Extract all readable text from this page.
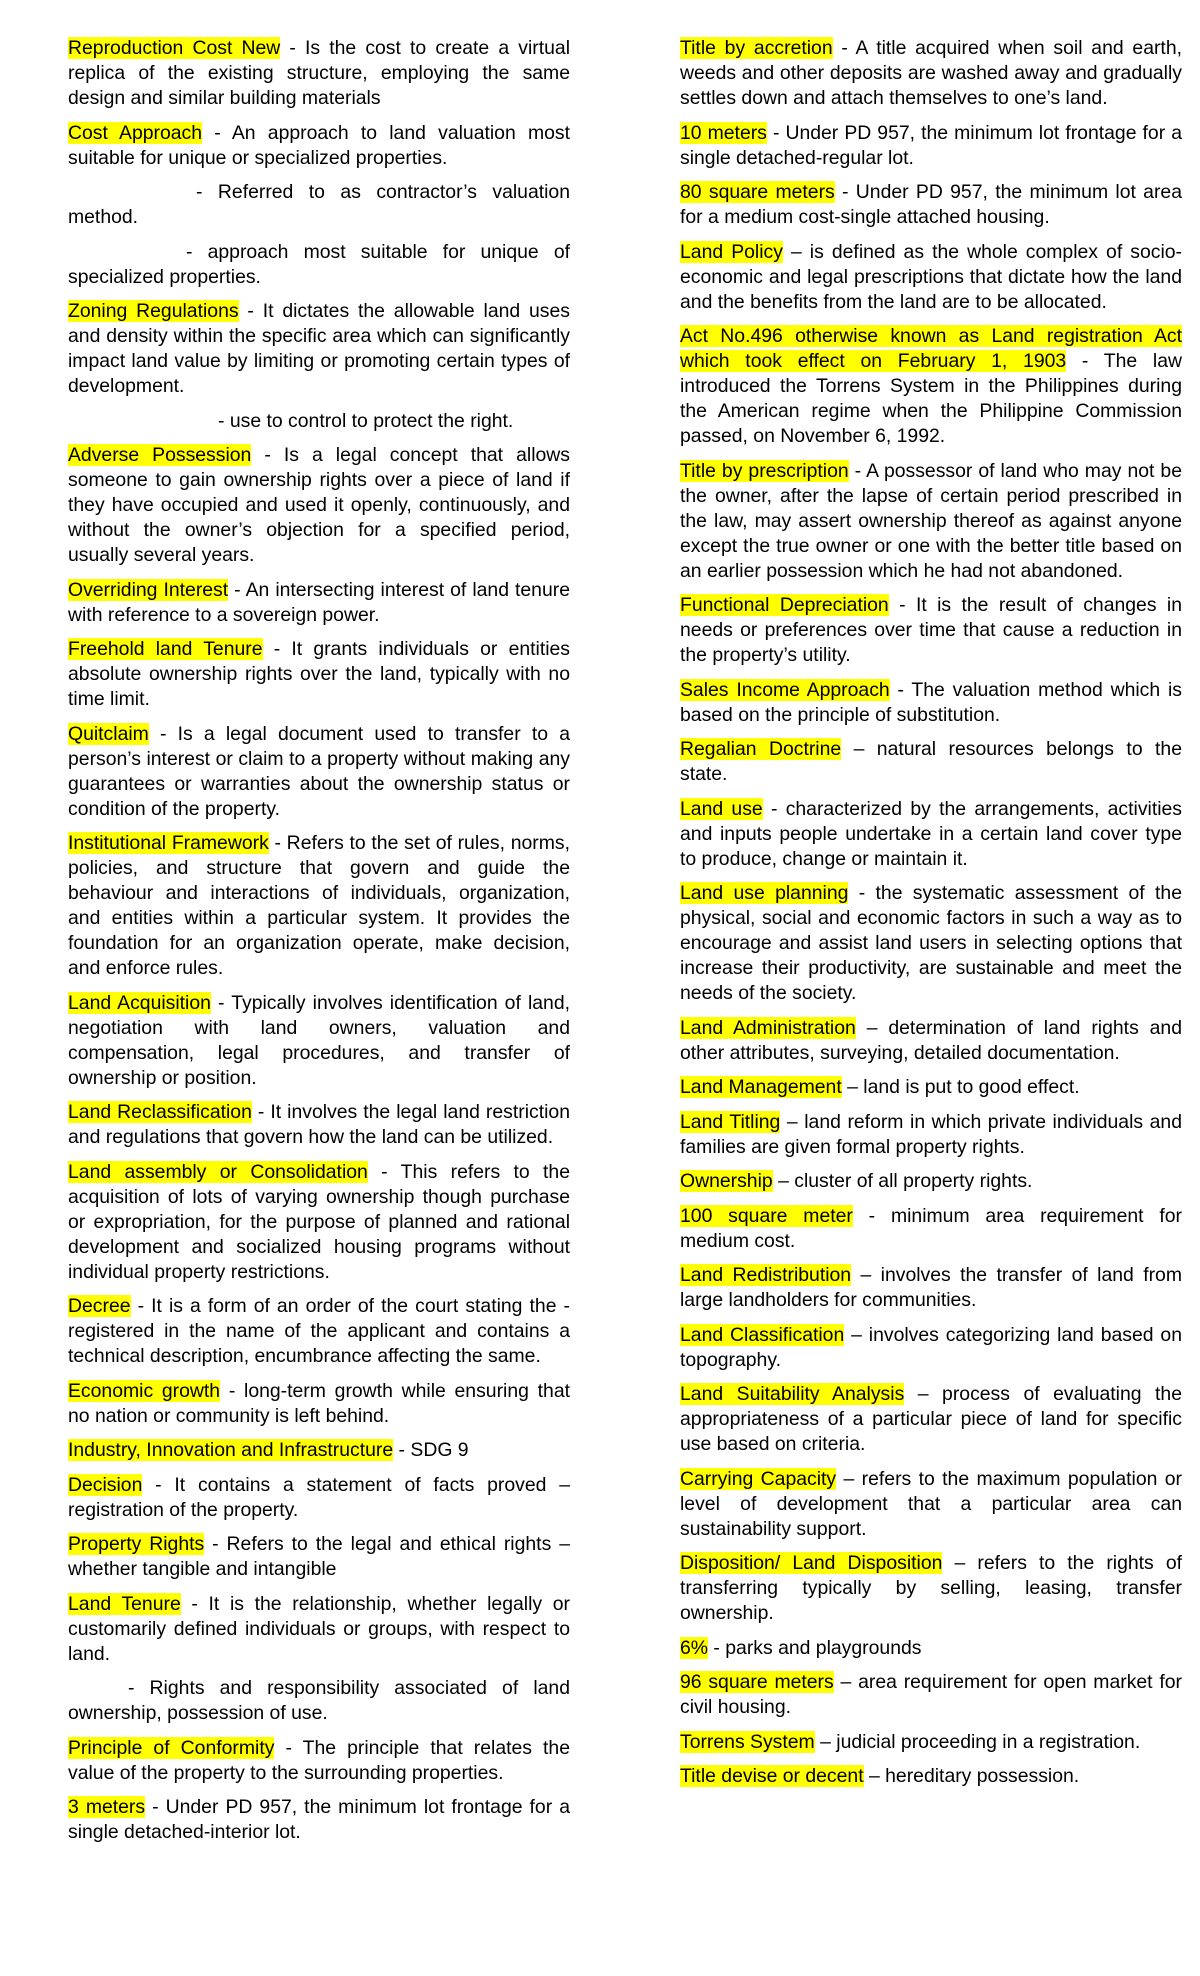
Reproduction Cost New - Is the cost to create a virtual replica of the existing structure, employing the same design and similar building materials

Cost Approach - An approach to land valuation most suitable for unique or specialized properties.

- Referred to as contractor’s valuation method.

- approach most suitable for unique of specialized properties.

Zoning Regulations - It dictates the allowable land uses and density within the specific area which can significantly impact land value by limiting or promoting certain types of development.

- use to control to protect the right.

Adverse Possession - Is a legal concept that allows someone to gain ownership rights over a piece of land if they have occupied and used it openly, continuously, and without the owner’s objection for a specified period, usually several years.

Overriding Interest - An intersecting interest of land tenure with reference to a sovereign power.

Freehold land Tenure - It grants individuals or entities absolute ownership rights over the land, typically with no time limit.

Quitclaim - Is a legal document used to transfer to a person’s interest or claim to a property without making any guarantees or warranties about the ownership status or condition of the property.

Institutional Framework - Refers to the set of rules, norms, policies, and structure that govern and guide the behaviour and interactions of individuals, organization, and entities within a particular system. It provides the foundation for an organization operate, make decision, and enforce rules.

Land Acquisition - Typically involves identification of land, negotiation with land owners, valuation and compensation, legal procedures, and transfer of ownership or position.

Land Reclassification - It involves the legal land restriction and regulations that govern how the land can be utilized.

Land assembly or Consolidation - This refers to the acquisition of lots of varying ownership though purchase or expropriation, for the purpose of planned and rational development and socialized housing programs without individual property restrictions.

Decree - It is a form of an order of the court stating the - registered in the name of the applicant and contains a technical description, encumbrance affecting the same.

Economic growth - long-term growth while ensuring that no nation or community is left behind.

Industry, Innovation and Infrastructure - SDG 9

Decision - It contains a statement of facts proved – registration of the property.

Property Rights - Refers to the legal and ethical rights – whether tangible and intangible

Land Tenure - It is the relationship, whether legally or customarily defined individuals or groups, with respect to land.

- Rights and responsibility associated of land ownership, possession of use.

Principle of Conformity - The principle that relates the value of the property to the surrounding properties.

3 meters - Under PD 957, the minimum lot frontage for a single detached-interior lot.

Title by accretion - A title acquired when soil and earth, weeds and other deposits are washed away and gradually settles down and attach themselves to one’s land.

10 meters - Under PD 957, the minimum lot frontage for a single detached-regular lot.

80 square meters - Under PD 957, the minimum lot area for a medium cost-single attached housing.

Land Policy – is defined as the whole complex of socio-economic and legal prescriptions that dictate how the land and the benefits from the land are to be allocated.

Act No.496 otherwise known as Land registration Act which took effect on February 1, 1903 - The law introduced the Torrens System in the Philippines during the American regime when the Philippine Commission passed, on November 6, 1992.

Title by prescription - A possessor of land who may not be the owner, after the lapse of certain period prescribed in the law, may assert ownership thereof as against anyone except the true owner or one with the better title based on an earlier possession which he had not abandoned.

Functional Depreciation - It is the result of changes in needs or preferences over time that cause a reduction in the property’s utility.

Sales Income Approach - The valuation method which is based on the principle of substitution.

Regalian Doctrine – natural resources belongs to the state.

Land use - characterized by the arrangements, activities and inputs people undertake in a certain land cover type to produce, change or maintain it.

Land use planning - the systematic assessment of the physical, social and economic factors in such a way as to encourage and assist land users in selecting options that increase their productivity, are sustainable and meet the needs of the society.

Land Administration – determination of land rights and other attributes, surveying, detailed documentation.

Land Management – land is put to good effect.

Land Titling – land reform in which private individuals and families are given formal property rights.

Ownership – cluster of all property rights.

100 square meter - minimum area requirement for medium cost.

Land Redistribution – involves the transfer of land from large landholders for communities.

Land Classification – involves categorizing land based on topography.

Land Suitability Analysis – process of evaluating the appropriateness of a particular piece of land for specific use based on criteria.

Carrying Capacity – refers to the maximum population or level of development that a particular area can sustainability support.

Disposition/ Land Disposition – refers to the rights of transferring typically by selling, leasing, transfer ownership.

6% - parks and playgrounds

96 square meters – area requirement for open market for civil housing.

Torrens System – judicial proceeding in a registration.

Title devise or decent – hereditary possession.
